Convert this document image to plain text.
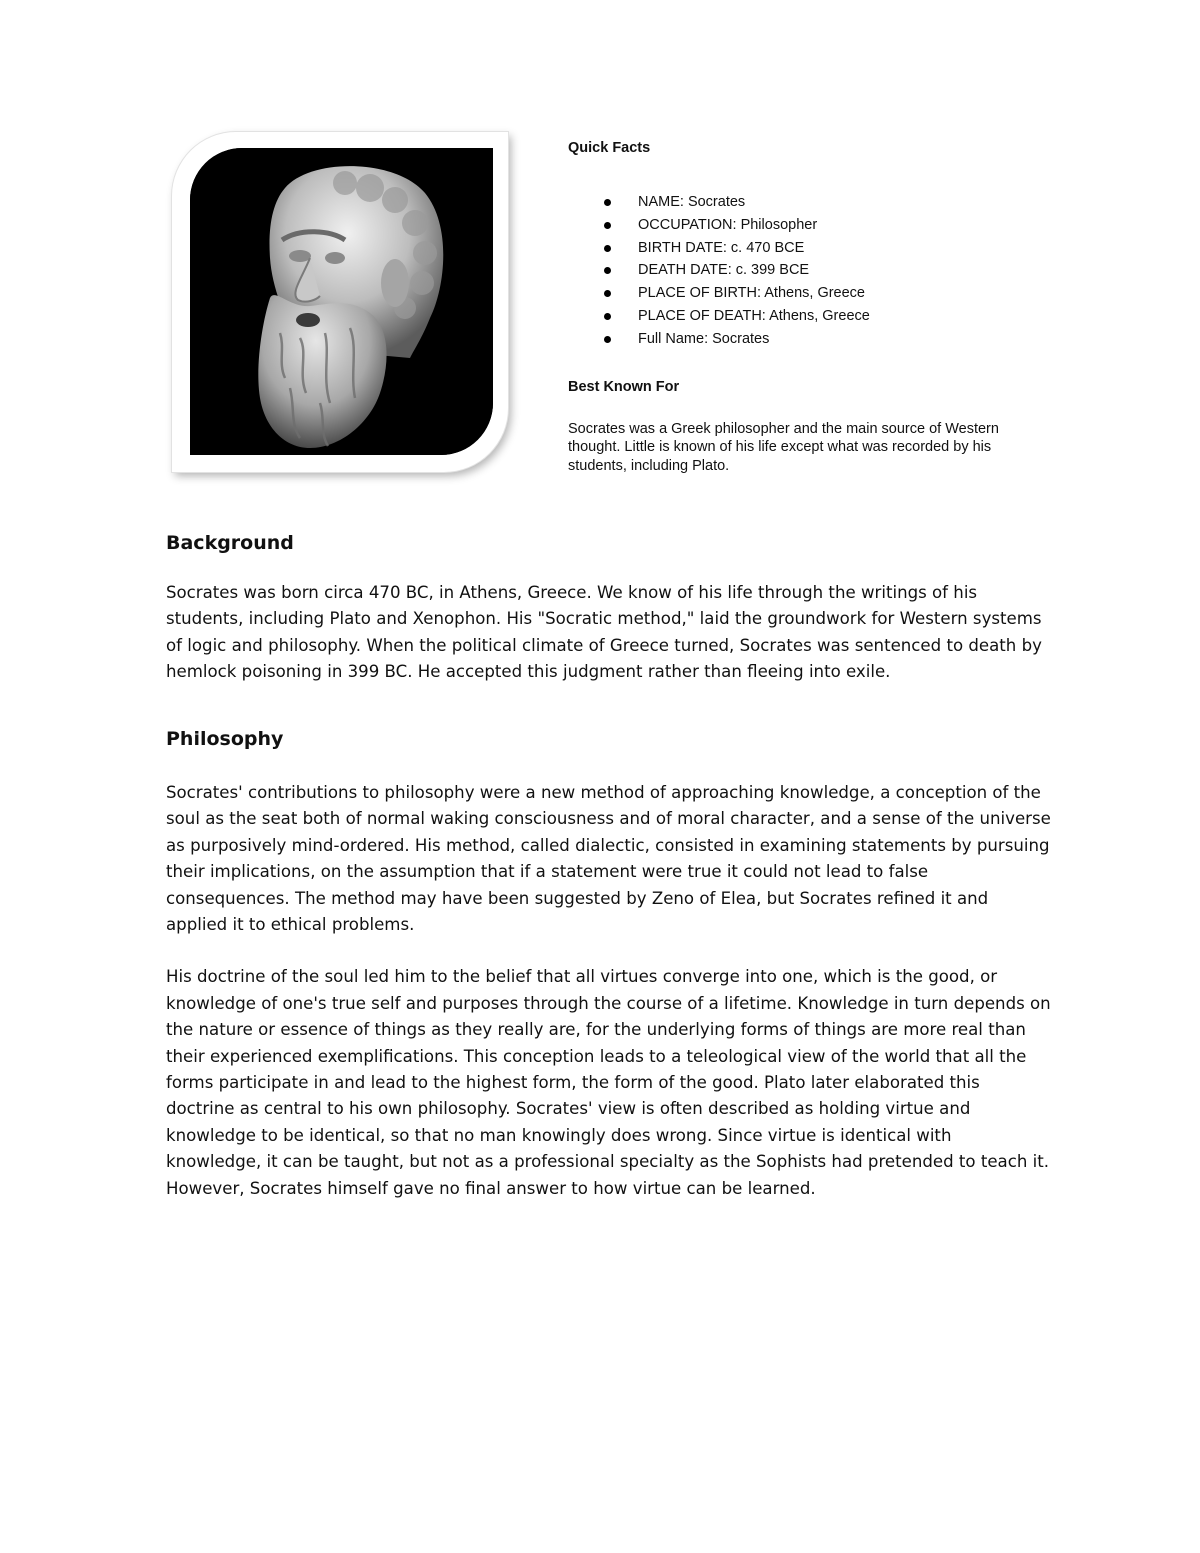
Quick Facts

NAME: Socrates
OCCUPATION: Philosopher
BIRTH DATE: c. 470 BCE
DEATH DATE: c. 399 BCE
PLACE OF BIRTH: Athens, Greece
PLACE OF DEATH: Athens, Greece
Full Name: Socrates

Best Known For

Socrates was a Greek philosopher and the main source of Western thought. Little is known of his life except what was recorded by his students, including Plato.

Background

Socrates was born circa 470 BC, in Athens, Greece. We know of his life through the writings of his students, including Plato and Xenophon. His "Socratic method," laid the groundwork for Western systems of logic and philosophy. When the political climate of Greece turned, Socrates was sentenced to death by hemlock poisoning in 399 BC. He accepted this judgment rather than fleeing into exile.

Philosophy

Socrates' contributions to philosophy were a new method of approaching knowledge, a conception of the soul as the seat both of normal waking consciousness and of moral character, and a sense of the universe as purposively mind-ordered. His method, called dialectic, consisted in examining statements by pursuing their implications, on the assumption that if a statement were true it could not lead to false consequences. The method may have been suggested by Zeno of Elea, but Socrates refined it and applied it to ethical problems.

His doctrine of the soul led him to the belief that all virtues converge into one, which is the good, or knowledge of one's true self and purposes through the course of a lifetime. Knowledge in turn depends on the nature or essence of things as they really are, for the underlying forms of things are more real than their experienced exemplifications. This conception leads to a teleological view of the world that all the forms participate in and lead to the highest form, the form of the good. Plato later elaborated this doctrine as central to his own philosophy. Socrates' view is often described as holding virtue and knowledge to be identical, so that no man knowingly does wrong. Since virtue is identical with knowledge, it can be taught, but not as a professional specialty as the Sophists had pretended to teach it. However, Socrates himself gave no final answer to how virtue can be learned.
